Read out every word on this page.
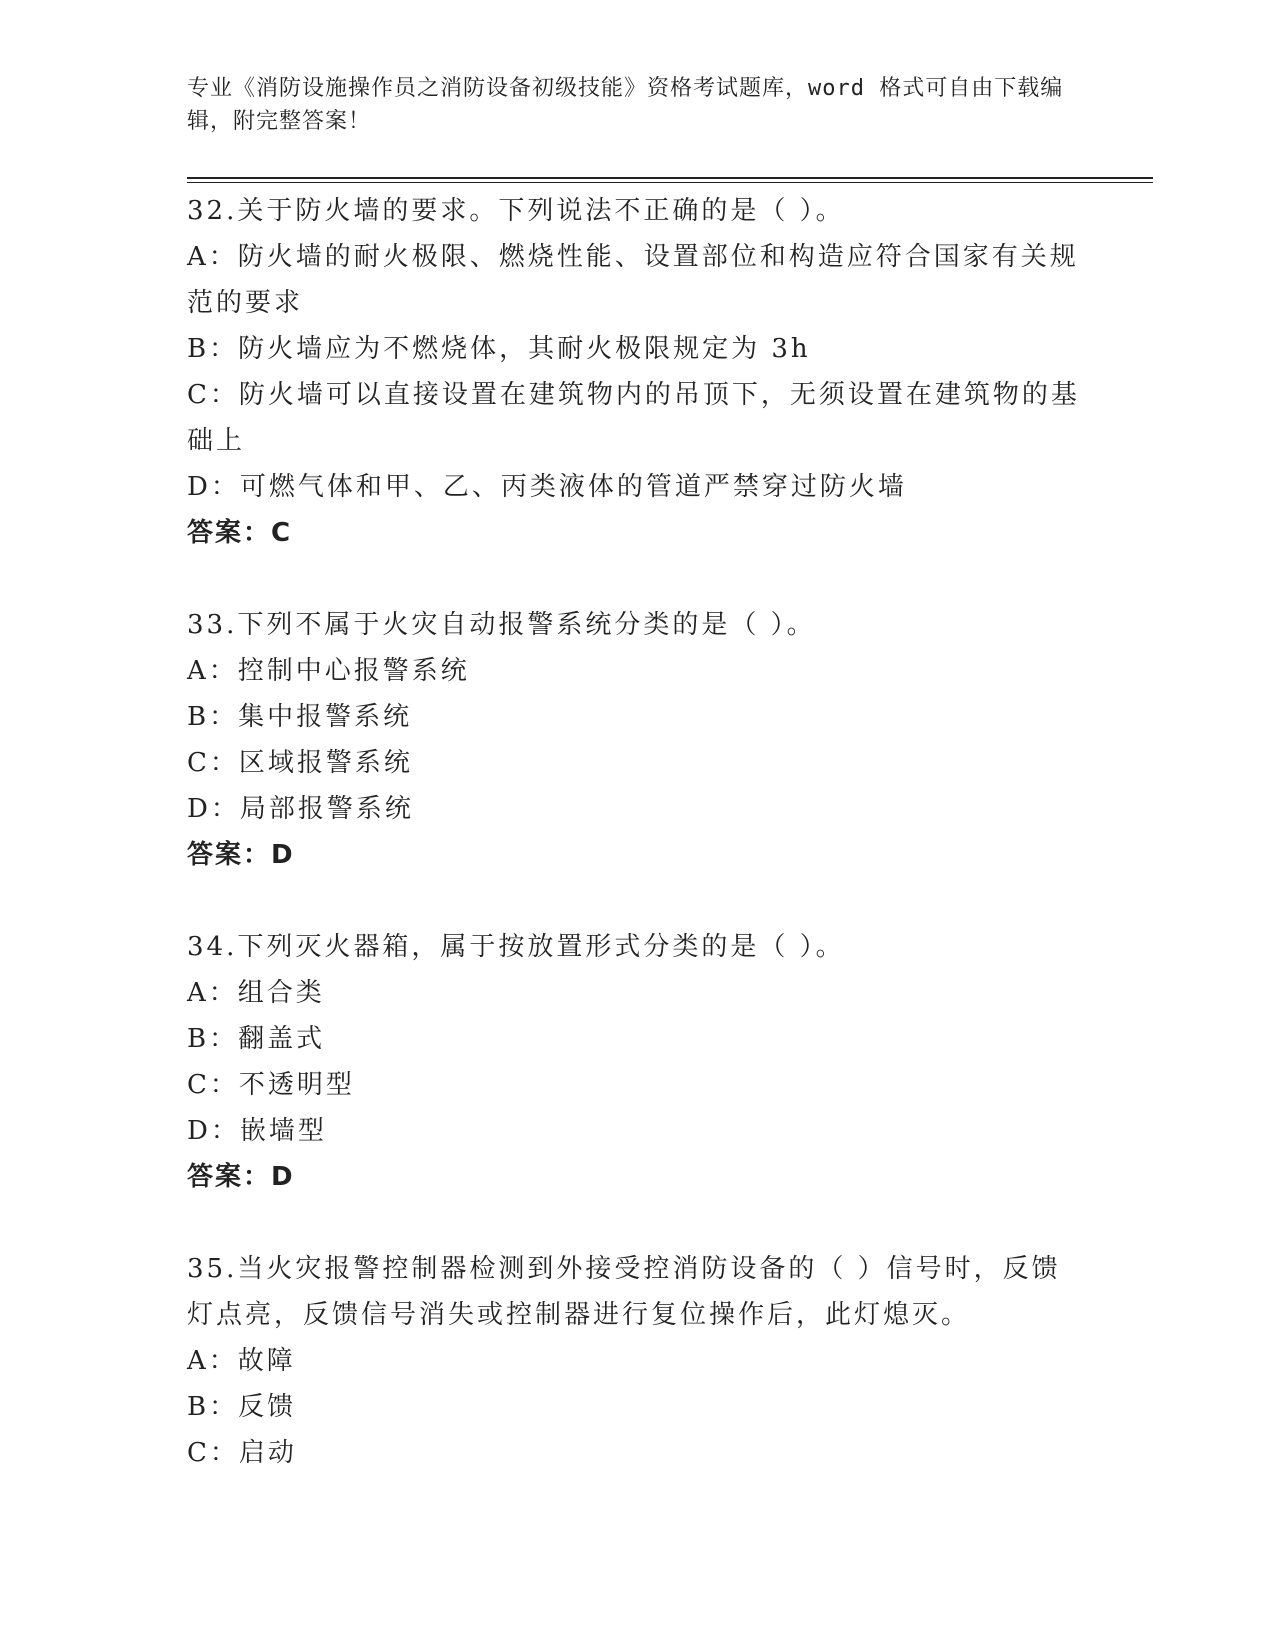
专业《消防设施操作员之消防设备初级技能》资格考试题库，word 格式可自由下载编辑，附完整答案！

32.关于防火墙的要求。下列说法不正确的是（ ）。

A：防火墙的耐火极限、燃烧性能、设置部位和构造应符合国家有关规范的要求

B：防火墙应为不燃烧体，其耐火极限规定为 3h

C：防火墙可以直接设置在建筑物内的吊顶下，无须设置在建筑物的基础上

D：可燃气体和甲、乙、丙类液体的管道严禁穿过防火墙

答案：C

33.下列不属于火灾自动报警系统分类的是（ ）。

A：控制中心报警系统

B：集中报警系统

C：区域报警系统

D：局部报警系统

答案：D

34.下列灭火器箱，属于按放置形式分类的是（ ）。

A：组合类

B：翻盖式

C：不透明型

D：嵌墙型

答案：D

35.当火灾报警控制器检测到外接受控消防设备的（ ）信号时，反馈灯点亮，反馈信号消失或控制器进行复位操作后，此灯熄灭。

A：故障

B：反馈

C：启动
